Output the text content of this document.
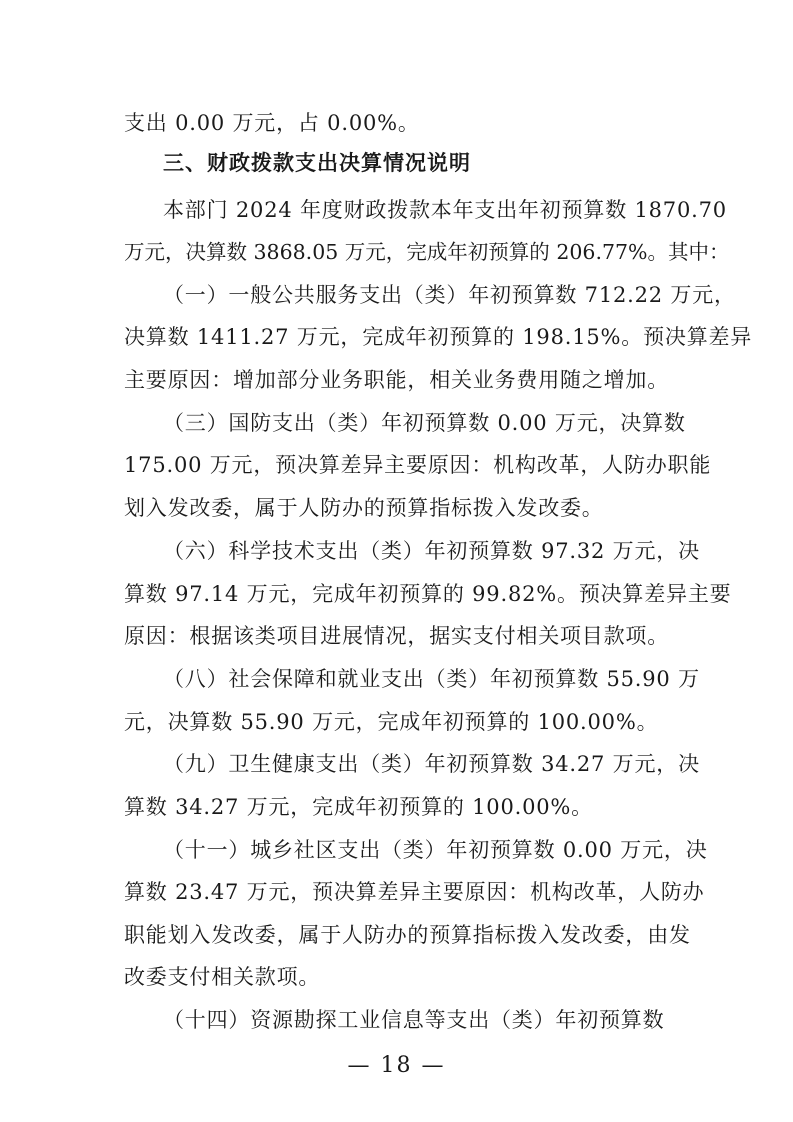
支出 0.00 万元，占 0.00%。
三、财政拨款支出决算情况说明
本部门 2024 年度财政拨款本年支出年初预算数 1870.70
万元，决算数 3868.05 万元，完成年初预算的 206.77%。其中：
（一）一般公共服务支出（类）年初预算数 712.22 万元，
决算数 1411.27 万元，完成年初预算的 198.15%。预决算差异
主要原因：增加部分业务职能，相关业务费用随之增加。
（三）国防支出（类）年初预算数 0.00 万元，决算数
175.00 万元，预决算差异主要原因：机构改革，人防办职能
划入发改委，属于人防办的预算指标拨入发改委。
（六）科学技术支出（类）年初预算数 97.32 万元，决
算数 97.14 万元，完成年初预算的 99.82%。预决算差异主要
原因：根据该类项目进展情况，据实支付相关项目款项。
（八）社会保障和就业支出（类）年初预算数 55.90 万
元，决算数 55.90 万元，完成年初预算的 100.00%。
（九）卫生健康支出（类）年初预算数 34.27 万元，决
算数 34.27 万元，完成年初预算的 100.00%。
（十一）城乡社区支出（类）年初预算数 0.00 万元，决
算数 23.47 万元，预决算差异主要原因：机构改革，人防办
职能划入发改委，属于人防办的预算指标拨入发改委，由发
改委支付相关款项。
（十四）资源勘探工业信息等支出（类）年初预算数
— 18 —
